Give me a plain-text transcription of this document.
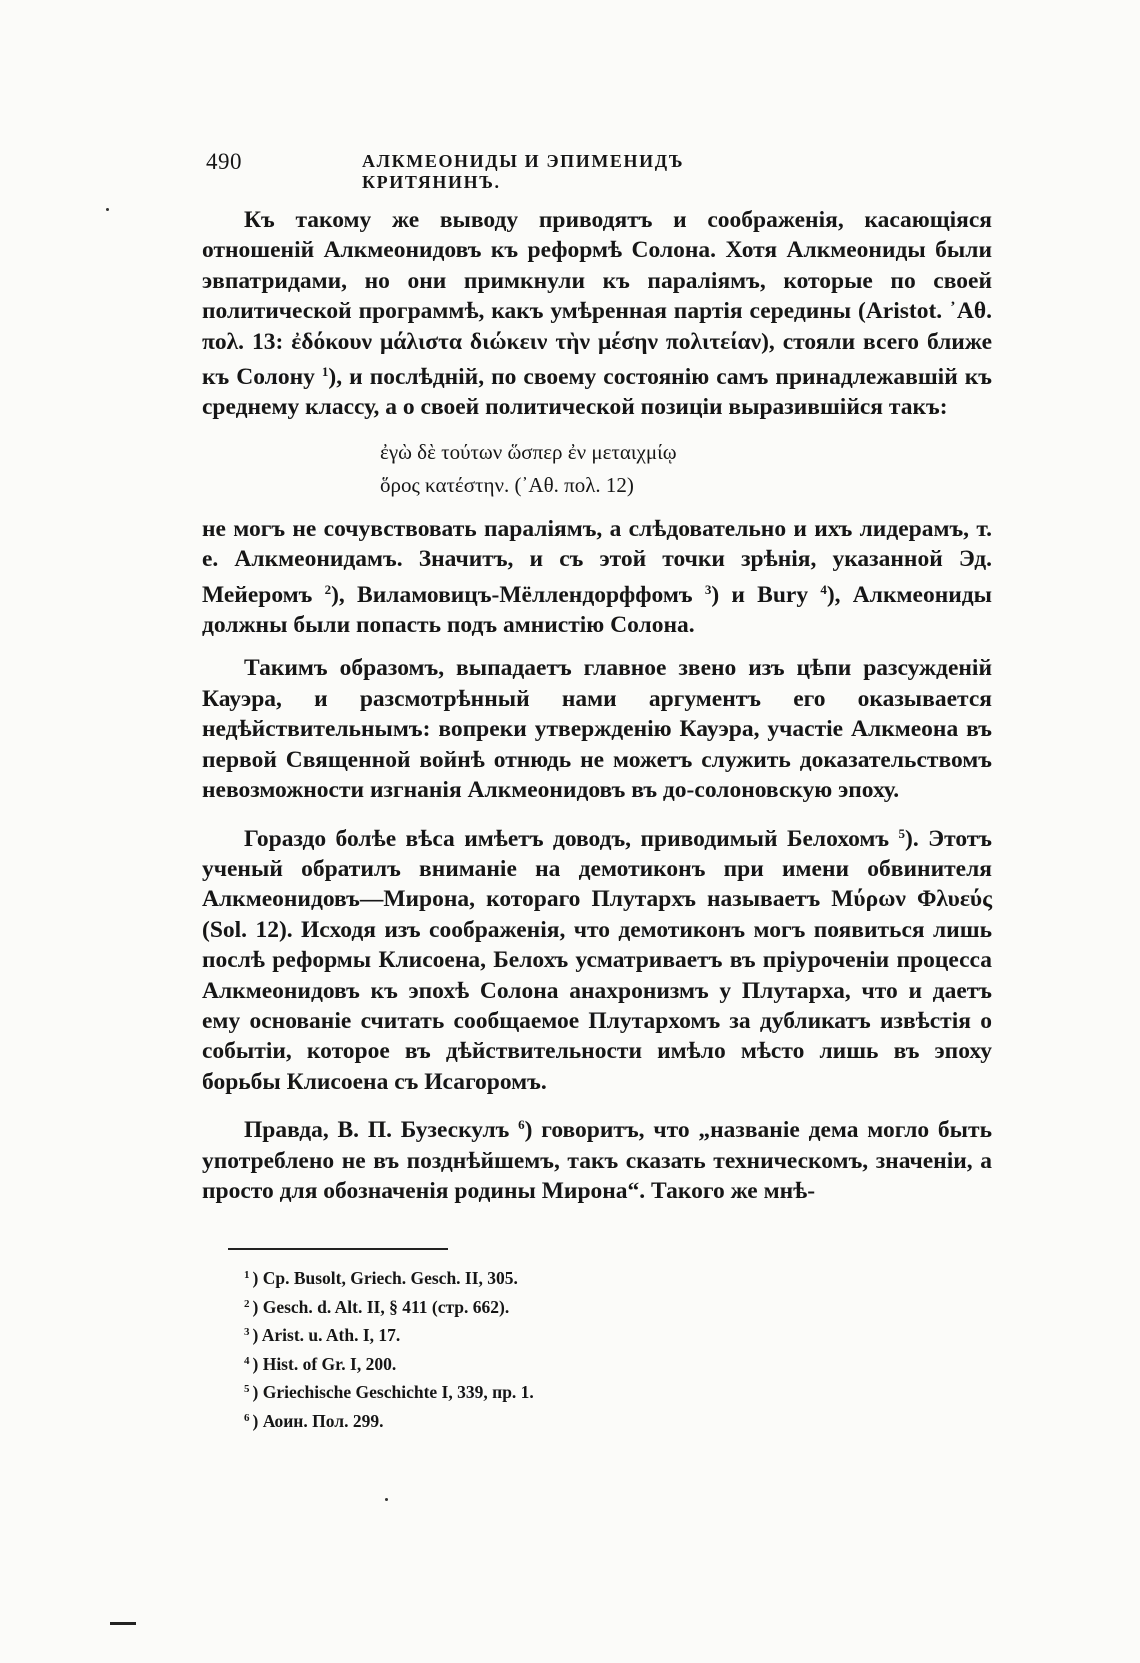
490	АЛКМЕОНИДЫ И ЭПИМЕНИДЪ КРИТЯНИНЪ.

Къ такому же выводу приводятъ и соображенія, касающіяся отношеній Алкмеонидовъ къ реформѣ Солона. Хотя Алкмеониды были эвпатридами, но они примкнули къ параліямъ, которые по своей политической программѣ, какъ умѣренная партія середины (Aristot. ᾿Αθ. πολ. 13: ἐδόκουν μάλιστα διώκειν τὴν μέσην πολιτείαν), стояли всего ближе къ Солону $^1$), и послѣдній, по своему состоянію самъ принадлежавшій къ среднему классу, а о своей политической позиціи выразившійся такъ:

ἐγὼ δὲ τούτων ὥσπερ ἐν μεταιχμίῳ
ὅρος κατέστην. (᾿Αθ. πολ. 12)

не могъ не сочувствовать параліямъ, а слѣдовательно и ихъ лидерамъ, т. е. Алкмеонидамъ. Значитъ, и съ этой точки зрѣнія, указанной Эд. Мейеромъ $^2$), Виламовицъ-Мёллендорффомъ $^3$) и Bury $^4$), Алкмеониды должны были попасть подъ амнистію Солона.

Такимъ образомъ, выпадаетъ главное звено изъ цѣпи разсужденій Кауэра, и разсмотрѣнный нами аргументъ его оказывается недѣйствительнымъ: вопреки утвержденію Кауэра, участіе Алкмеона въ первой Священной войнѣ отнюдь не можетъ служить доказательствомъ невозможности изгнанія Алкмеонидовъ въ до-солоновскую эпоху.

Гораздо болѣе вѣса имѣетъ доводъ, приводимый Белохомъ $^5$). Этотъ ученый обратилъ вниманіе на демотиконъ при имени обвинителя Алкмеонидовъ—Мирона, котораго Плутархъ называетъ Μύρων Φλυεύς (Sol. 12). Исходя изъ соображенія, что демотиконъ могъ появиться лишь послѣ реформы Клисоена, Белохъ усматриваетъ въ пріуроченіи процесса Алкмеонидовъ къ эпохѣ Солона анахронизмъ у Плутарха, что и даетъ ему основаніе считать сообщаемое Плутархомъ за дубликатъ извѣстія о событіи, которое въ дѣйствительности имѣло мѣсто лишь въ эпоху борьбы Клисоена съ Исагоромъ.

Правда, В. П. Бузескулъ $^6$) говоритъ, что „названіе дема могло быть употреблено не въ позднѣйшемъ, такъ сказать техническомъ, значеніи, а просто для обозначенія родины Мирона“. Такого же мнѣ-

$^1$ ) Ср. Busolt, Griech. Gesch. II, 305.
$^2$ ) Gesch. d. Alt. II, § 411 (стр. 662).
$^3$ ) Arist. u. Ath. I, 17.
$^4$ ) Hist. of Gr. I, 200.
$^5$ ) Griechische Geschichte I, 339, пр. 1.
$^6$ ) Аоин. Пол. 299.
